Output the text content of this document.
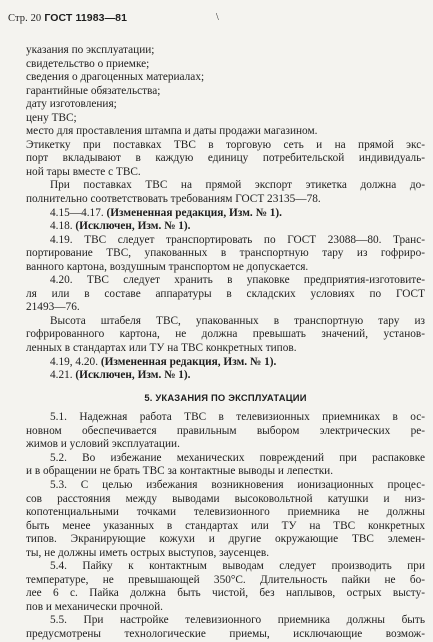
Стр. 20 ГОСТ 11983—81	\
указания по эксплуатации;
свидетельство о приемке;
сведения о драгоценных материалах;
гарантийные обязательства;
дату изготовления;
цену ТВС;
место для проставления штампа и даты продажи магазином.
Этикетку при поставках ТВС в торговую сеть и на прямой экс-
порт вкладывают в каждую единицу потребительской индивидуаль-
ной тары вместе с ТВС.
При поставках ТВС на прямой экспорт этикетка должна до-
полнительно соответствовать требованиям ГОСТ 23135—78.
4.15—4.17. (Измененная редакция, Изм. № 1).
4.18. (Исключен, Изм. № 1).
4.19. ТВС следует транспортировать по ГОСТ 23088—80. Транс-
портирование ТВС, упакованных в транспортную тару из гофриро-
ванного картона, воздушным транспортом не допускается.
4.20. ТВС следует хранить в упаковке предприятия-изготовите-
ля или в составе аппаратуры в складских условиях по ГОСТ
21493—76.
Высота штабеля ТВС, упакованных в транспортную тару из
гофрированного картона, не должна превышать значений, установ-
ленных в стандартах или ТУ на ТВС конкретных типов.
4.19, 4.20. (Измененная редакция, Изм. № 1).
4.21. (Исключен, Изм. № 1).
5. УКАЗАНИЯ ПО ЭКСПЛУАТАЦИИ
5.1. Надежная работа ТВС в телевизионных приемниках в ос-
новном обеспечивается правильным выбором электрических ре-
жимов и условий эксплуатации.
5.2. Во избежание механических повреждений при распаковке
и в обращении не брать ТВС за контактные выводы и лепестки.
5.3. С целью избежания возникновения ионизационных процес-
сов расстояния между выводами высоковольтной катушки и низ-
копотенциальными точками телевизионного приемника не должны
быть менее указанных в стандартах или ТУ на ТВС конкретных
типов. Экранирующие кожухи и другие окружающие ТВС элемен-
ты, не должны иметь острых выступов, заусенцев.
5.4. Пайку к контактным выводам следует производить при
температуре, не превышающей 350°С. Длительность пайки не бо-
лее 6 с. Пайка должна быть чистой, без наплывов, острых высту-
пов и механически прочной.
5.5. При настройке телевизионного приемника должны быть
предусмотрены технологические приемы, исключающие возмож-
